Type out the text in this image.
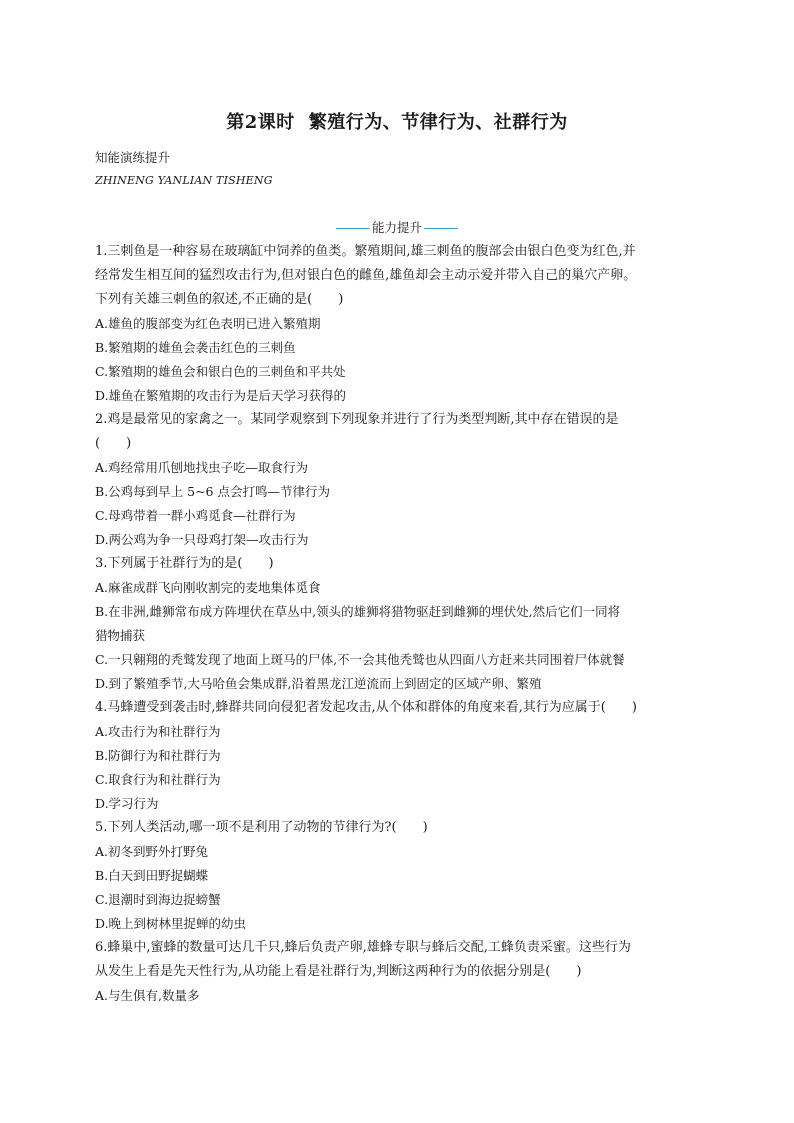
第2课时 繁殖行为、节律行为、社群行为
知能演练提升
ZHINENG YANLIAN TISHENG
能力提升
1.三刺鱼是一种容易在玻璃缸中饲养的鱼类。繁殖期间,雄三刺鱼的腹部会由银白色变为红色,并
经常发生相互间的猛烈攻击行为,但对银白色的雌鱼,雄鱼却会主动示爱并带入自己的巢穴产卵。
下列有关雄三刺鱼的叙述,不正确的是(　　)
A.雄鱼的腹部变为红色表明已进入繁殖期
B.繁殖期的雄鱼会袭击红色的三刺鱼
C.繁殖期的雄鱼会和银白色的三刺鱼和平共处
D.雄鱼在繁殖期的攻击行为是后天学习获得的
2.鸡是最常见的家禽之一。某同学观察到下列现象并进行了行为类型判断,其中存在错误的是
(　　)
A.鸡经常用爪刨地找虫子吃—取食行为
B.公鸡每到早上 5~6 点会打鸣—节律行为
C.母鸡带着一群小鸡觅食—社群行为
D.两公鸡为争一只母鸡打架—攻击行为
3.下列属于社群行为的是(　　)
A.麻雀成群飞向刚收割完的麦地集体觅食
B.在非洲,雌狮常布成方阵埋伏在草丛中,领头的雄狮将猎物驱赶到雌狮的埋伏处,然后它们一同将
猎物捕获
C.一只翱翔的秃鹫发现了地面上斑马的尸体,不一会其他秃鹫也从四面八方赶来共同围着尸体就餐
D.到了繁殖季节,大马哈鱼会集成群,沿着黑龙江逆流而上到固定的区域产卵、繁殖
4.马蜂遭受到袭击时,蜂群共同向侵犯者发起攻击,从个体和群体的角度来看,其行为应属于(　　)
A.攻击行为和社群行为
B.防御行为和社群行为
C.取食行为和社群行为
D.学习行为
5.下列人类活动,哪一项不是利用了动物的节律行为?(　　)
A.初冬到野外打野兔
B.白天到田野捉蝴蝶
C.退潮时到海边捉螃蟹
D.晚上到树林里捉蝉的幼虫
6.蜂巢中,蜜蜂的数量可达几千只,蜂后负责产卵,雄蜂专职与蜂后交配,工蜂负责采蜜。这些行为
从发生上看是先天性行为,从功能上看是社群行为,判断这两种行为的依据分别是(　　)
A.与生俱有,数量多
